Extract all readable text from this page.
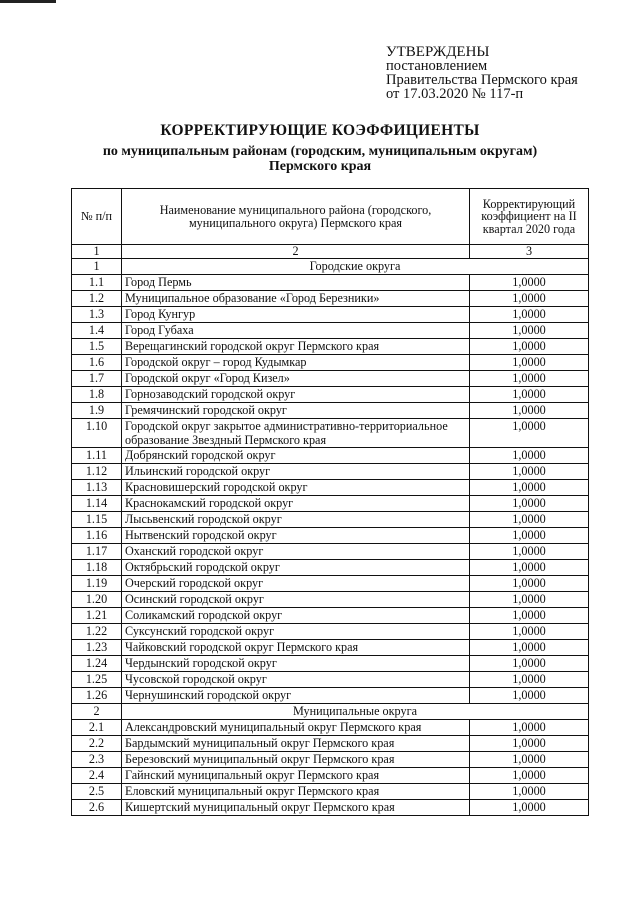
УТВЕРЖДЕНЫ
постановлением
Правительства Пермского края
от 17.03.2020 № 117-п
КОРРЕКТИРУЮЩИЕ КОЭФФИЦИЕНТЫ
по муниципальным районам (городским, муниципальным округам)
Пермского края
№ п/п	Наименование муниципального района (городского, муниципального округа) Пермского края	Корректирующий коэффициент на II квартал 2020 года
1	2	3
1	Городские округа	
1.1	Город Пермь	1,0000
1.2	Муниципальное образование «Город Березники»	1,0000
1.3	Город Кунгур	1,0000
1.4	Город Губаха	1,0000
1.5	Верещагинский городской округ Пермского края	1,0000
1.6	Городской округ – город Кудымкар	1,0000
1.7	Городской округ «Город Кизел»	1,0000
1.8	Горнозаводский городской округ	1,0000
1.9	Гремячинский городской округ	1,0000
1.10	Городской округ закрытое административно-территориальное образование Звездный Пермского края	1,0000
1.11	Добрянский городской округ	1,0000
1.12	Ильинский городской округ	1,0000
1.13	Красновишерский городской округ	1,0000
1.14	Краснокамский городской округ	1,0000
1.15	Лысьвенский городской округ	1,0000
1.16	Нытвенский городской округ	1,0000
1.17	Оханский городской округ	1,0000
1.18	Октябрьский городской округ	1,0000
1.19	Очерский городской округ	1,0000
1.20	Осинский городской округ	1,0000
1.21	Соликамский городской округ	1,0000
1.22	Суксунский городской округ	1,0000
1.23	Чайковский городской округ Пермского края	1,0000
1.24	Чердынский городской округ	1,0000
1.25	Чусовской городской округ	1,0000
1.26	Чернушинский городской округ	1,0000
2	Муниципальные округа	
2.1	Александровский муниципальный округ Пермского края	1,0000
2.2	Бардымский муниципальный округ Пермского края	1,0000
2.3	Березовский муниципальный округ Пермского края	1,0000
2.4	Гайнский муниципальный округ Пермского края	1,0000
2.5	Еловский муниципальный округ Пермского края	1,0000
2.6	Кишертский муниципальный округ Пермского края	1,0000
